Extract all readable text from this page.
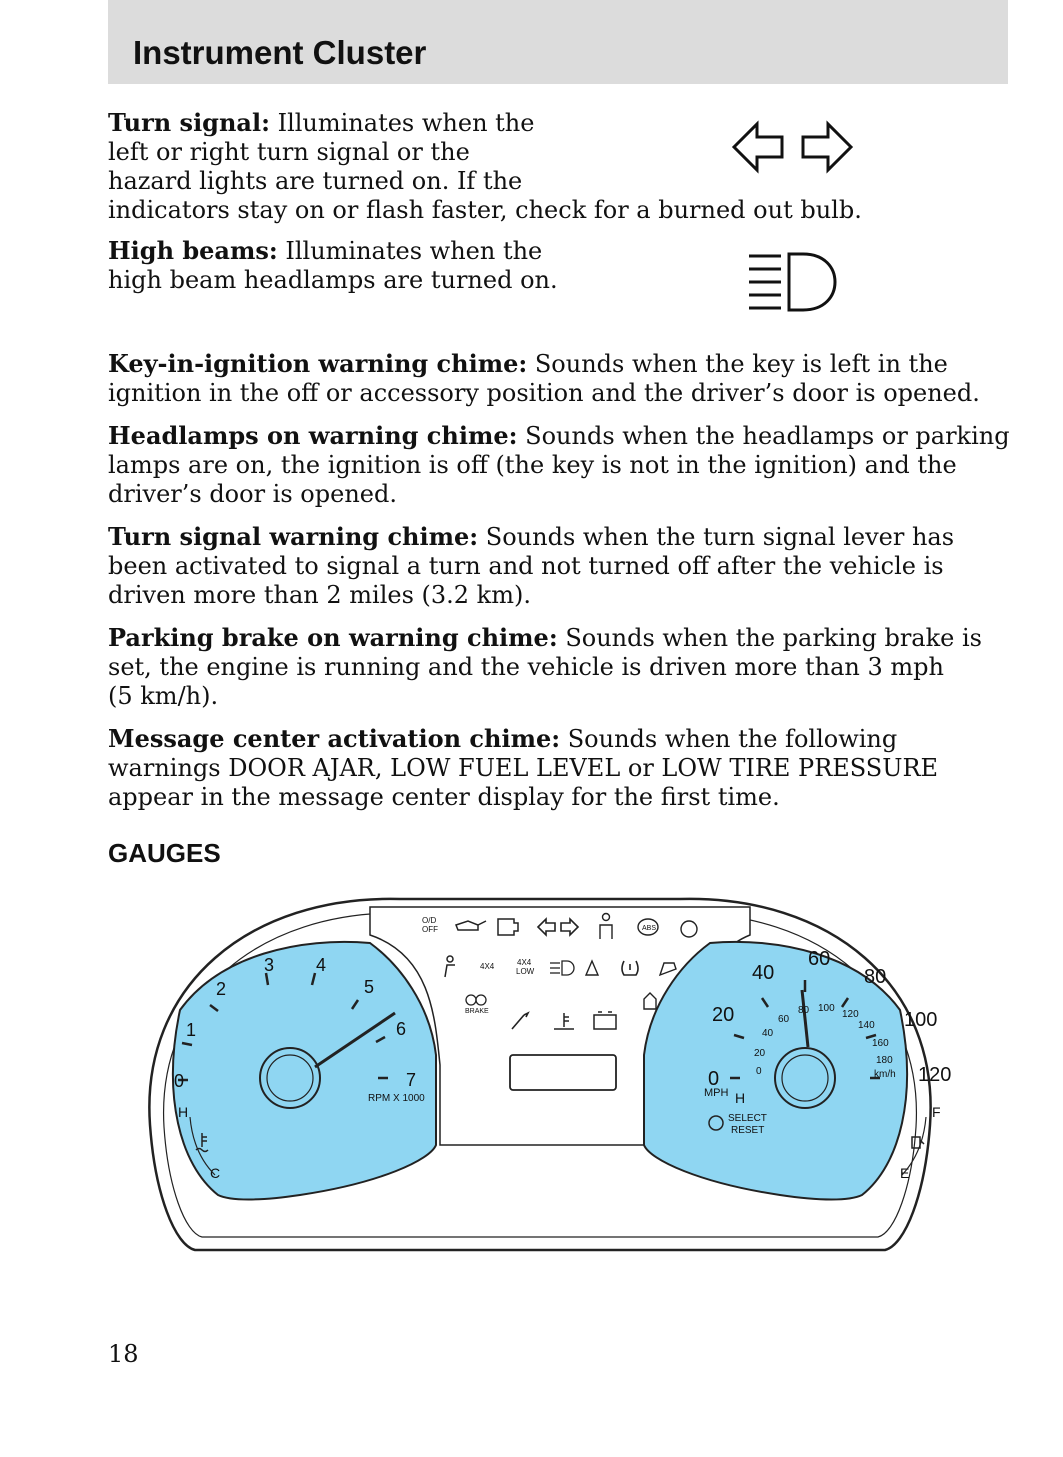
Instrument Cluster

Turn signal: Illuminates when the
left or right turn signal or the
hazard lights are turned on. If the
indicators stay on or flash faster, check for a burned out bulb.

High beams: Illuminates when the
high beam headlamps are turned on.

Key-in-ignition warning chime: Sounds when the key is left in the
ignition in the off or accessory position and the driver’s door is opened.

Headlamps on warning chime: Sounds when the headlamps or parking
lamps are on, the ignition is off (the key is not in the ignition) and the
driver’s door is opened.

Turn signal warning chime: Sounds when the turn signal lever has
been activated to signal a turn and not turned off after the vehicle is
driven more than 2 miles (3.2 km).

Parking brake on warning chime: Sounds when the parking brake is
set, the engine is running and the vehicle is driven more than 3 mph
(5 km/h).

Message center activation chime: Sounds when the following
warnings DOOR AJAR, LOW FUEL LEVEL or LOW TIRE PRESSURE
appear in the message center display for the first time.

GAUGES
0
1
2
3 4
5
6
7
RPM X 1000
H
C
0
20
40
60
80
100
120
MPH
0
20
40
60
80 100
120
140
160
180
km/h
H
SELECT
RESET
F
E
O/D
OFF	ABS
4X4	4X4
LOW
BRAKE
18
